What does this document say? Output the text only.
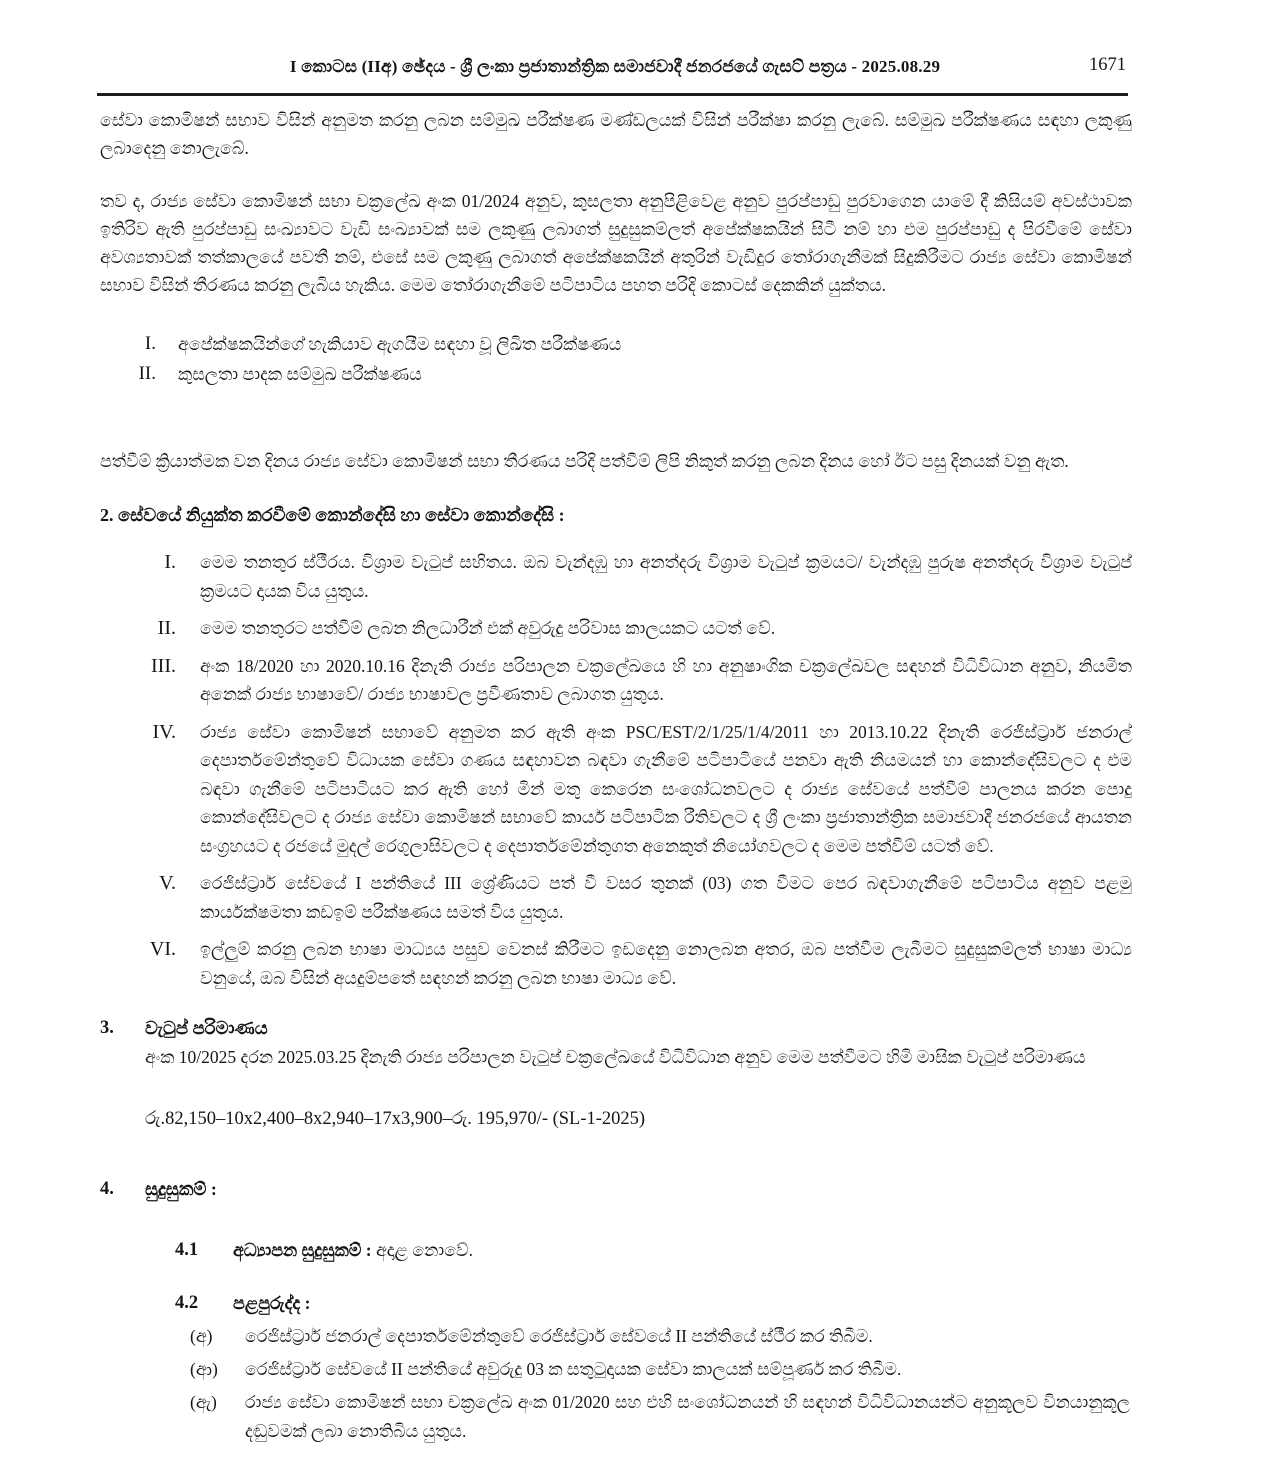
I කොටස (IIඅ) ඡේදය - ශ්‍රී ලංකා ප්‍රජාතාන්ත්‍රික සමාජවාදී ජනරජයේ ගැසට් පත්‍රය - 2025.08.29	1671

සේවා කොමිෂන් සභාව විසින් අනුමත කරනු ලබන සම්මුඛ පරීක්ෂණ මණ්ඩලයක් විසින් පරීක්ෂා කරනු ලැබේ. සම්මුඛ පරීක්ෂණය සඳහා ලකුණු ලබාදෙනු නොලැබේ.

තව ද, රාජ්‍ය සේවා කොමිෂන් සභා චක්‍රලේඛ අංක 01/2024 අනුව, කුසලතා අනුපිළිවෙළ අනුව පුරප්පාඩු පුරවාගෙන යාමේ දී කිසියම් අවස්ථාවක ඉතිරිව ඇති පුරප්පාඩු සංඛ්‍යාවට වැඩි සංඛ්‍යාවක් සම ලකුණු ලබාගත් සුදුසුකම්ලත් අපේක්ෂකයින් සිටී නම් හා එම පුරප්පාඩු ද පිරවීමේ සේවා අවශ්‍යතාවක් තත්කාලයේ පවතී නම්, එසේ සම ලකුණු ලබාගත් අපේක්ෂකයින් අතුරින් වැඩිදුර තෝරාගැනීමක් සිදුකිරීමට රාජ්‍ය සේවා කොමිෂන් සභාව විසින් තීරණය කරනු ලැබිය හැකිය. මෙම තෝරාගැනීමේ පටිපාටිය පහත පරිදි කොටස් දෙකකින් යුක්තය.

I.	අපේක්ෂකයින්ගේ හැකියාව ඇගයීම සඳහා වූ ලිඛිත පරීක්ෂණය
II.	කුසලතා පාදක සම්මුඛ පරීක්ෂණය

පත්වීම් ක්‍රියාත්මක වන දිනය රාජ්‍ය සේවා කොමිෂන් සභා තීරණය පරිදි පත්වීම් ලිපි නිකුත් කරනු ලබන දිනය හෝ ඊට පසු දිනයක් වනු ඇත.

2. සේවයේ නියුක්ත කරවීමේ කොන්දේසි හා සේවා කොන්දේසි :
I.	මෙම තනතුර ස්ථීරය. විශ්‍රාම වැටුප් සහිතය. ඔබ වැන්දඹු හා අනත්දරු විශ්‍රාම වැටුප් ක්‍රමයට/ වැන්දඹු පුරුෂ අනත්දරු විශ්‍රාම වැටුප් ක්‍රමයට දායක විය යුතුය.
II.	මෙම තනතුරට පත්වීම් ලබන නිලධාරීන් එක් අවුරුදු පරිවාස කාලයකට යටත් වේ.
III.	අංක 18/2020 හා 2020.10.16 දිනැති රාජ්‍ය පරිපාලන චක්‍රලේඛයෙ හි හා අනුෂාංගික චක්‍රලේඛවල සඳහන් විධිවිධාන අනුව, නියමිත අනෙක් රාජ්‍ය භාෂාවේ/ රාජ්‍ය භාෂාවල ප්‍රවීණතාව ලබාගත යුතුය.
IV.	රාජ්‍ය සේවා කොමිෂන් සභාවේ අනුමත කර ඇති අංක PSC/EST/2/1/25/1/4/2011 හා 2013.10.22 දිනැති රෙජිස්ට්‍රාර් ජනරාල් දෙපාර්තමේන්තුවේ විධායක සේවා ගණය සඳහාවන බඳවා ගැනීමේ පටිපාටියේ පනවා ඇති නියමයන් හා කොන්දේසිවලට ද එම බඳවා ගැනීමේ පටිපාටියට කර ඇති හෝ මින් මතු කෙරෙන සංශෝධනවලට ද රාජ්‍ය සේවයේ පත්වීම් පාලනය කරන පොදු කොන්දේසිවලට ද රාජ්‍ය සේවා කොමිෂන් සභාවේ කාර්ය පටිපාටික රීතිවලට ද ශ්‍රී ලංකා ප්‍රජාතාන්ත්‍රික සමාජවාදී ජනරජයේ ආයතන සංග්‍රහයට ද රජයේ මුදල් රෙගුලාසිවලට ද දෙපාර්තමේන්තුගත අනෙකුත් නියෝගවලට ද මෙම පත්වීම් යටත් වේ.
V.	රෙජිස්ට්‍රාර් සේවයේ I පන්තියේ III ශ්‍රේණියට පත් වී වසර තුනක් (03) ගත වීමට පෙර බඳවාගැනීමේ පටිපාටිය අනුව පළමු කාර්යක්ෂමතා කඩඉම් පරීක්ෂණය සමත් විය යුතුය.
VI.	ඉල්ලුම් කරනු ලබන භාෂා මාධ්‍යය පසුව වෙනස් කිරීමට ඉඩදෙනු නොලබන අතර, ඔබ පත්වීම ලැබීමට සුදුසුකම්ලත් භාෂා මාධ්‍ය වනුයේ, ඔබ විසින් අයදුම්පතේ සඳහන් කරනු ලබන භාෂා මාධ්‍ය වේ.
3.	වැටුප් පරිමාණය
අංක 10/2025 දරන 2025.03.25 දිනැති රාජ්‍ය පරිපාලන වැටුප් චක්‍රලේඛයේ විධිවිධාන අනුව මෙම පත්වීමට හිමි මාසික වැටුප් පරිමාණය
රු.82,150–10x2,400–8x2,940–17x3,900–රු. 195,970/- (SL-1-2025)
4.	සුදුසුකම් :
4.1	අධ්‍යාපන සුදුසුකම් : අදාළ නොවේ.
4.2	පළපුරුද්ද :
(අ)	රෙජිස්ට්‍රාර් ජනරාල් දෙපාර්තමේන්තුවේ රෙජිස්ට්‍රාර් සේවයේ II පන්තියේ ස්ථීර කර තිබීම.
(ආ)	රෙජිස්ට්‍රාර් සේවයේ II පන්තියේ අවුරුදු 03 ක සතුටුදායක සේවා කාලයක් සම්පූර්ණ කර තිබීම.
(ඇ)	රාජ්‍ය සේවා කොමිෂන් සභා චක්‍රලේඛ අංක 01/2020 සහ එහි සංශෝධනයන් හි සඳහන් විධිවිධානයන්ට අනුකූලව විනයානුකූල දඬුවමක් ලබා නොතිබිය යුතුය.
